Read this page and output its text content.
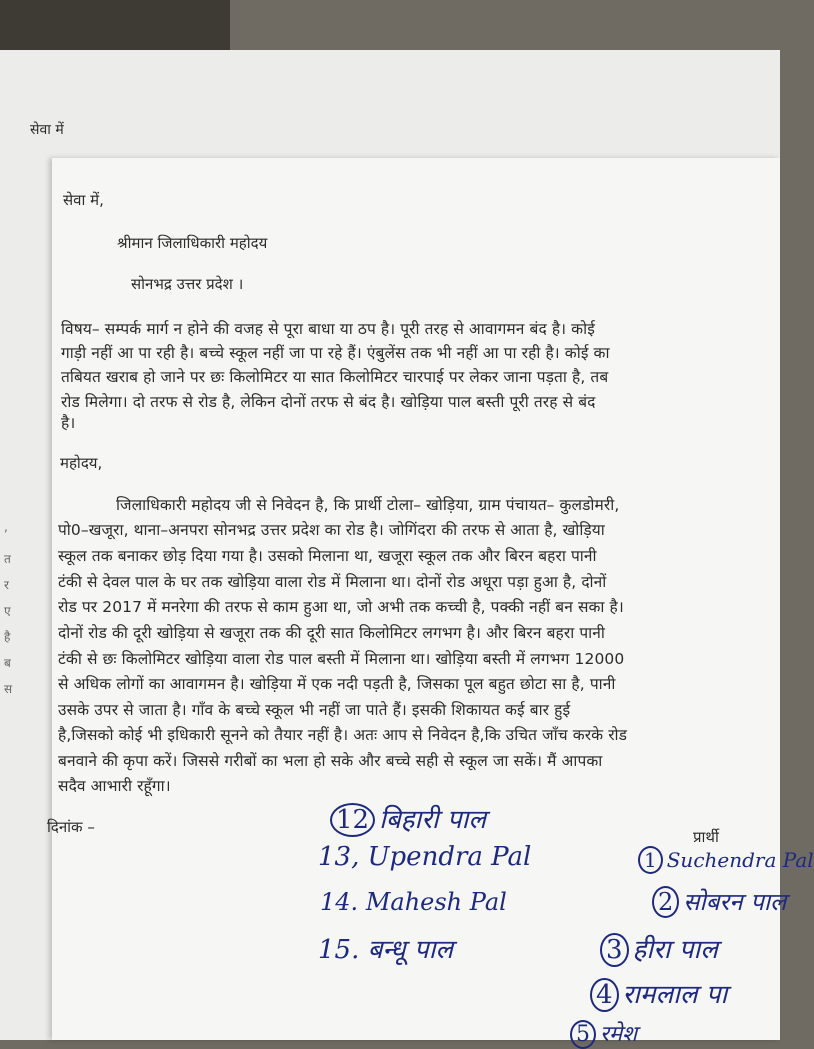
सेवा में
,
त
र
ए
है
ब
स
सेवा में,
श्रीमान जिलाधिकारी महोदय
सोनभद्र उत्तर प्रदेश ।
विषय– सम्पर्क मार्ग न होने की वजह से पूरा बाधा या ठप है। पूरी तरह से आवागमन बंद है। कोई
गाड़ी नहीं आ पा रही है। बच्चे स्कूल नहीं जा पा रहे हैं। एंबुलेंस तक भी नहीं आ पा रही है। कोई का
तबियत खराब हो जाने पर छः किलोमिटर या सात किलोमिटर चारपाई पर लेकर जाना पड़ता है, तब
रोड मिलेगा। दो तरफ से रोड है, लेकिन दोनों तरफ से बंद है। खोड़िया पाल बस्ती पूरी तरह से बंद
है।
महोदय,
जिलाधिकारी महोदय जी से निवेदन है, कि प्रार्थी टोला– खोड़िया, ग्राम पंचायत– कुलडोमरी,
पो0–खजूरा, थाना–अनपरा सोनभद्र उत्तर प्रदेश का रोड है। जोगिंदरा की तरफ से आता है, खोड़िया
स्कूल तक बनाकर छोड़ दिया गया है। उसको मिलाना था, खजूरा स्कूल तक और बिरन बहरा पानी
टंकी से देवल पाल के घर तक खोड़िया वाला रोड में मिलाना था। दोनों रोड अधूरा पड़ा हुआ है, दोनों
रोड पर 2017 में मनरेगा की तरफ से काम हुआ था, जो अभी तक कच्ची है, पक्की नहीं बन सका है।
दोनों रोड की दूरी खोड़िया से खजूरा तक की दूरी सात किलोमिटर लगभग है। और बिरन बहरा पानी
टंकी से छः किलोमिटर खोड़िया वाला रोड पाल बस्ती में मिलाना था। खोड़िया बस्ती में लगभग 12000
से अधिक लोगों का आवागमन है। खोड़िया में एक नदी पड़ती है, जिसका पूल बहुत छोटा सा है, पानी
उसके उपर से जाता है। गाँव के बच्चे स्कूल भी नहीं जा पाते हैं। इसकी शिकायत कई बार हुई
है,जिसको कोई भी इधिकारी सूनने को तैयार नहीं है। अतः आप से निवेदन है,कि उचित जाँच करके रोड
बनवाने की कृपा करें। जिससे गरीबों का भला हो सके और बच्चे सही से स्कूल जा सकें। मैं आपका
सदैव आभारी रहूँगा।
दिनांक –
प्रार्थी
12 बिहारी पाल
13, Upendra Pal
14. Mahesh Pal
15. बन्धू पाल
1 Suchendra Pal
2 सोबरन पाल
3 हीरा पाल
4 रामलाल पा
5 रमेश
